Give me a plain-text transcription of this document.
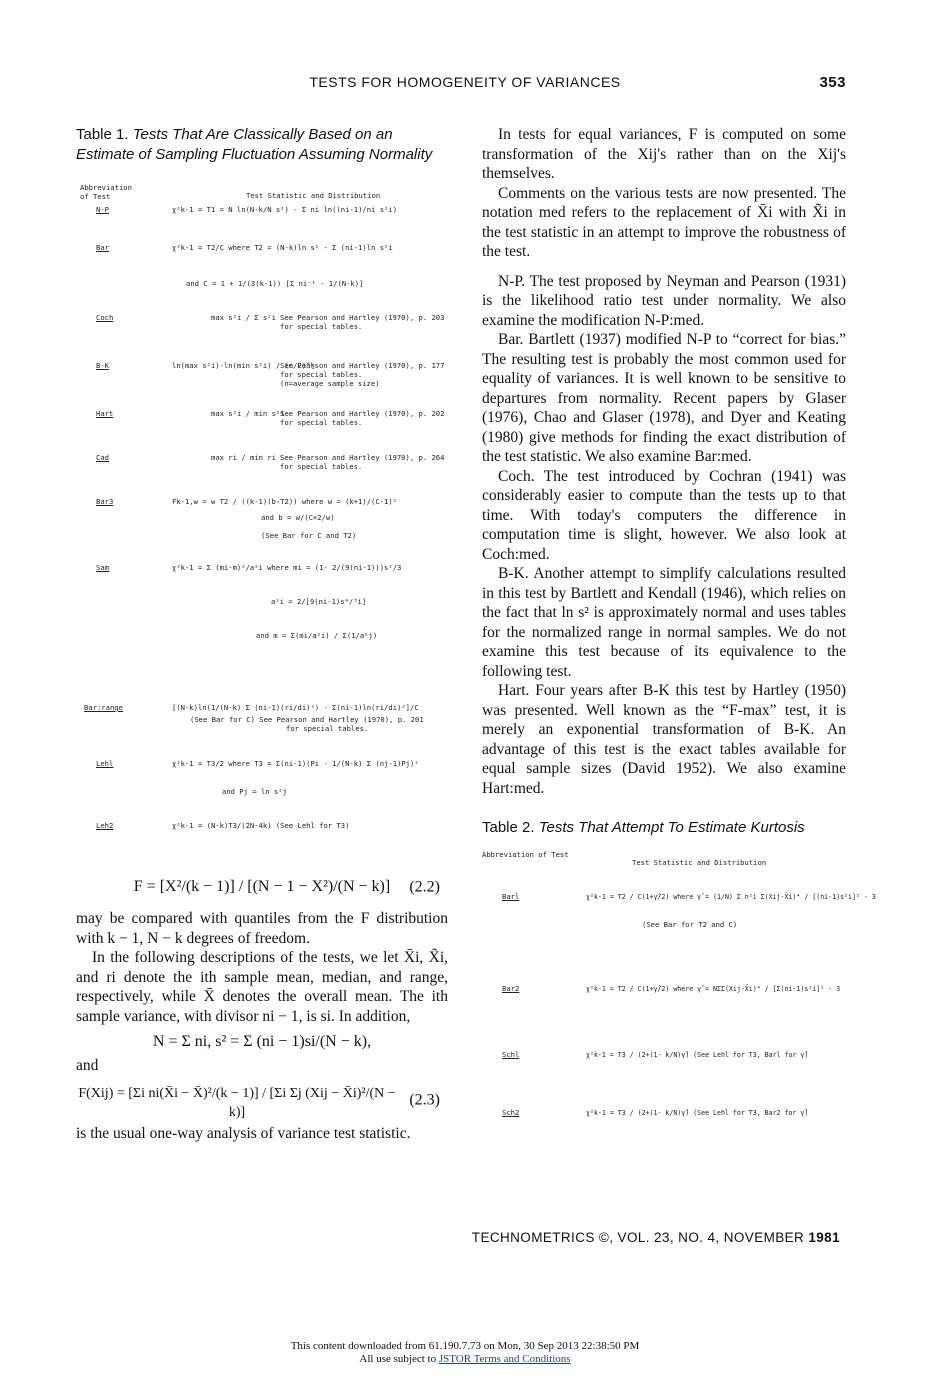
TESTS FOR HOMOGENEITY OF VARIANCES	353

Table 1. Tests That Are Classically Based on an Estimate of Sampling Fluctuation Assuming Normality

Abbreviation of Test	Test Statistic and Distribution
N-P	χ²k-1 = T1 = N ln(N-k/N s²) - Σ ni ln((ni-1)/ni s²i)
Bar	χ²k-1 = T2/C where T2 = (N-k)ln s² - Σ (ni-1)ln s²i
and C = 1 + 1/(3(k-1)) [Σ ni⁻¹ - 1/(N-k)]
Coch	max s²i / Σ s²i See Pearson and Hartley (1970), p. 203
for special tables.
B-K	ln(max s²i)-ln(min s²i) / (n/2)^½
See Pearson and Hartley (1970), p. 177
for special tables.
(n=average sample size)
Hart	max s²i / min s²i
See Pearson and Hartley (1970), p. 202
for special tables.
Cad	max ri / min ri See Pearson and Hartley (1970), p. 264
for special tables.
Bar3	Fk-1,w = w T2 / ((k-1)(b-T2)) where w = (k+1)/(C-1)²
and b = w/(C+2/w)
(See Bar for C and T2)
Sam	χ²k-1 = Σ (mi-m)²/a²i where mi = (1- 2/(9(ni-1)))s²/3
a²i = 2/[9(ni-1)s⁴/³i]
and m = Σ(mi/a²i) / Σ(1/a²j)
Bar:range	[(N-k)ln(1/(N-k) Σ (ni-1)(ri/di)²) - Σ(ni-1)ln(ri/di)²]/C
(See Bar for C) See Pearson and Hartley (1970), p. 201
for special tables.
Lehl	χ²k-1 = T3/2 where T3 = Σ(ni-1)(Pi - 1/(N-k) Σ (nj-1)Pj)²
and Pj = ln s²j
Leh2	χ²k-1 = (N-k)T3/(2N-4k) (See Lehl for T3)
F = [X²/(k − 1)] / [(N − 1 − X²)/(N − k)]	(2.2)

may be compared with quantiles from the F distribution with k − 1, N − k degrees of freedom.

In the following descriptions of the tests, we let X̄i, X̃i, and ri denote the ith sample mean, median, and range, respectively, while X̄ denotes the overall mean. The ith sample variance, with divisor ni − 1, is si. In addition,

N = Σ ni, s² = Σ (ni − 1)si/(N − k),

and

F(Xij) = [Σi ni(X̄i − X̄)²/(k − 1)] / [Σi Σj (Xij − X̄i)²/(N − k)]
(2.3)

is the usual one-way analysis of variance test statistic.

In tests for equal variances, F is computed on some transformation of the Xij's rather than on the Xij's themselves.

Comments on the various tests are now presented. The notation med refers to the replacement of X̄i with X̃i in the test statistic in an attempt to improve the robustness of the test.

N-P. The test proposed by Neyman and Pearson (1931) is the likelihood ratio test under normality. We also examine the modification N-P:med.

Bar. Bartlett (1937) modified N-P to “correct for bias.” The resulting test is probably the most common used for equality of variances. It is well known to be sensitive to departures from normality. Recent papers by Glaser (1976), Chao and Glaser (1978), and Dyer and Keating (1980) give methods for finding the exact distribution of the test statistic. We also examine Bar:med.

Coch. The test introduced by Cochran (1941) was considerably easier to compute than the tests up to that time. With today's computers the difference in computation time is slight, however. We also look at Coch:med.

B-K. Another attempt to simplify calculations resulted in this test by Bartlett and Kendall (1946), which relies on the fact that ln s² is approximately normal and uses tables for the normalized range in normal samples. We do not examine this test because of its equivalence to the following test.

Hart. Four years after B-K this test by Hartley (1950) was presented. Well known as the “F-max” test, it is merely an exponential transformation of B-K. An advantage of this test is the exact tables available for equal sample sizes (David 1952). We also examine Hart:med.

Table 2. Tests That Attempt To Estimate Kurtosis

Abbreviation of Test
Test Statistic and Distribution
Barl	χ²k-1 = T2 / C(1+γ̂/2) where γ̂ = (1/N) Σ n²i Σ(Xij-X̄i)⁴ / [(ni-1)s²i]² - 3
(See Bar for T2 and C)
Bar2	χ²k-1 = T2 / C(1+γ̂/2) where γ̂ = NΣΣ(Xij-X̄i)⁴ / [Σ(ni-1)s²i]² - 3
Schl	χ²k-1 = T3 / (2+(1- k/N)γ̂) (See Lehl for T3, Barl for γ̂)
Sch2	χ²k-1 = T3 / (2+(1- k/N)γ̂) (See Lehl for T3, Bar2 for γ̂)
TECHNOMETRICS ©, VOL. 23, NO. 4, NOVEMBER 1981
This content downloaded from 61.190.7.73 on Mon, 30 Sep 2013 22:38:50 PM
All use subject to JSTOR Terms and Conditions
